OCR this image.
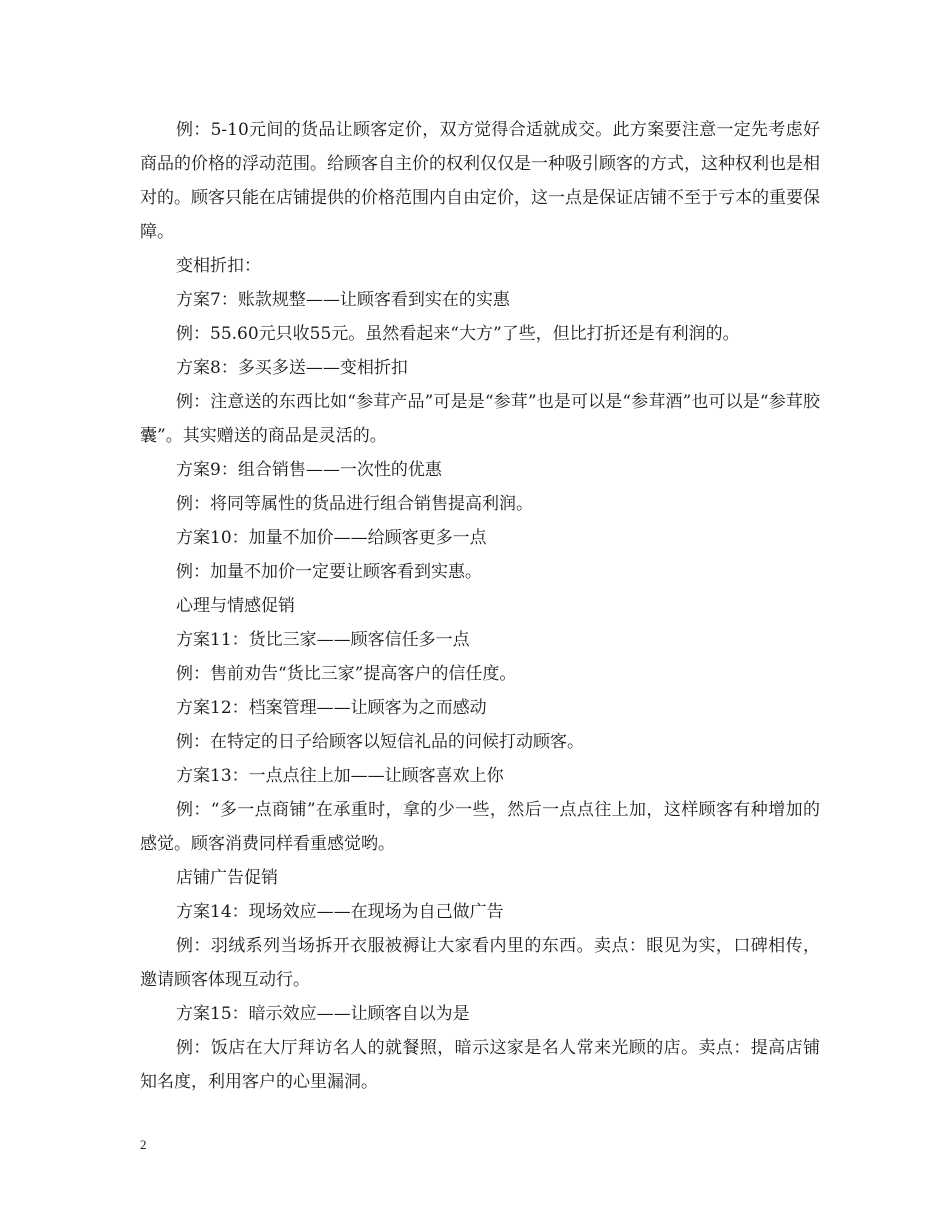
例：5-10元间的货品让顾客定价，双方觉得合适就成交。此方案要注意一定先考虑好商品的价格的浮动范围。给顾客自主价的权利仅仅是一种吸引顾客的方式，这种权利也是相对的。顾客只能在店铺提供的价格范围内自由定价，这一点是保证店铺不至于亏本的重要保障。

变相折扣：

方案7：账款规整——让顾客看到实在的实惠

例：55.60元只收55元。虽然看起来“大方”了些，但比打折还是有利润的。

方案8：多买多送——变相折扣

例：注意送的东西比如“参茸产品”可是是“参茸”也是可以是“参茸酒”也可以是“参茸胶囊”。其实赠送的商品是灵活的。

方案9：组合销售——一次性的优惠

例：将同等属性的货品进行组合销售提高利润。

方案10：加量不加价——给顾客更多一点

例：加量不加价一定要让顾客看到实惠。

心理与情感促销

方案11：货比三家——顾客信任多一点

例：售前劝告“货比三家”提高客户的信任度。

方案12：档案管理——让顾客为之而感动

例：在特定的日子给顾客以短信礼品的问候打动顾客。

方案13：一点点往上加——让顾客喜欢上你

例：“多一点商铺”在承重时，拿的少一些，然后一点点往上加，这样顾客有种增加的感觉。顾客消费同样看重感觉哟。

店铺广告促销

方案14：现场效应——在现场为自己做广告

例：羽绒系列当场拆开衣服被褥让大家看内里的东西。卖点：眼见为实，口碑相传，邀请顾客体现互动行。

方案15：暗示效应——让顾客自以为是

例：饭店在大厅拜访名人的就餐照，暗示这家是名人常来光顾的店。卖点：提高店铺知名度，利用客户的心里漏洞。

2
